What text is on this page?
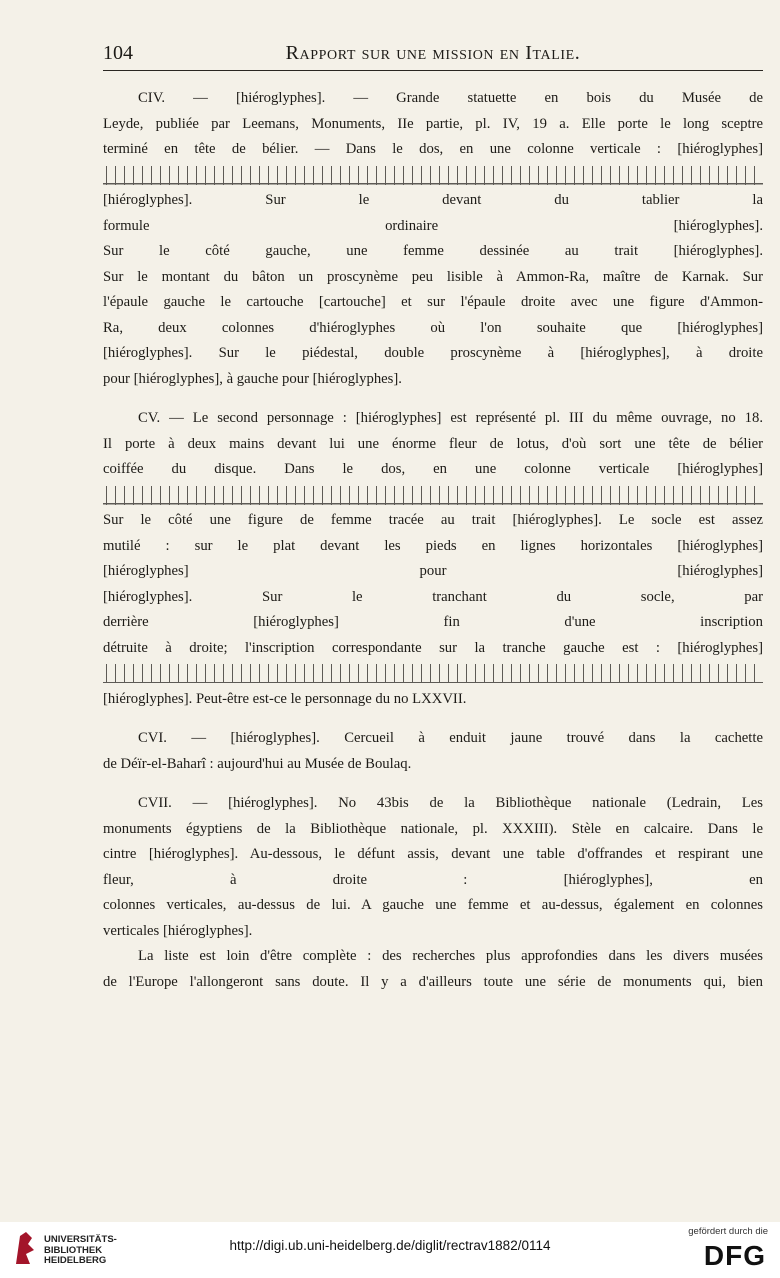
104	Rapport sur une mission en Italie.
CIV. — [hiéroglyphes]. — Grande statuette en bois du Musée de
Leyde, publiée par Leemans, Monuments, IIe partie, pl. IV, 19 a. Elle porte le long sceptre
terminé en tête de bélier. — Dans le dos, en une colonne verticale : [hiéroglyphes]
[hiéroglyphes]. Sur le devant du tablier la
formule ordinaire [hiéroglyphes].
Sur le côté gauche, une femme dessinée au trait [hiéroglyphes].
Sur le montant du bâton un proscynème peu lisible à Ammon-Ra, maître de Karnak. Sur
l'épaule gauche le cartouche [cartouche] et sur l'épaule droite avec une figure d'Ammon-
Ra, deux colonnes d'hiéroglyphes où l'on souhaite que [hiéroglyphes]
[hiéroglyphes]. Sur le piédestal, double proscynème à [hiéroglyphes], à droite
pour [hiéroglyphes], à gauche pour [hiéroglyphes].
CV. — Le second personnage : [hiéroglyphes] est représenté pl. III du même ouvrage, no 18.
Il porte à deux mains devant lui une énorme fleur de lotus, d'où sort une tête de bélier
coiffée du disque. Dans le dos, en une colonne verticale [hiéroglyphes]
Sur le côté une figure de femme tracée au trait [hiéroglyphes]. Le socle est assez
mutilé : sur le plat devant les pieds en lignes horizontales [hiéroglyphes]
[hiéroglyphes] pour [hiéroglyphes]
[hiéroglyphes]. Sur le tranchant du socle, par
derrière [hiéroglyphes] fin d'une inscription
détruite à droite; l'inscription correspondante sur la tranche gauche est : [hiéroglyphes]
[hiéroglyphes]. Peut-être est-ce le personnage du no LXXVII.
CVI. — [hiéroglyphes]. Cercueil à enduit jaune trouvé dans la cachette
de Déïr-el-Baharî : aujourd'hui au Musée de Boulaq.
CVII. — [hiéroglyphes]. No 43bis de la Bibliothèque nationale (Ledrain, Les
monuments égyptiens de la Bibliothèque nationale, pl. XXXIII). Stèle en calcaire. Dans le
cintre [hiéroglyphes]. Au-dessous, le défunt assis, devant une table d'offrandes et respirant une
fleur, à droite : [hiéroglyphes], en
colonnes verticales, au-dessus de lui. A gauche une femme et au-dessus, également en colonnes
verticales [hiéroglyphes].
La liste est loin d'être complète : des recherches plus approfondies dans les divers musées
de l'Europe l'allongeront sans doute. Il y a d'ailleurs toute une série de monuments qui, bien
UNIVERSITÄTS-
BIBLIOTHEK
HEIDELBERG
http://digi.ub.uni-heidelberg.de/diglit/rectrav1882/0114
gefördert durch die
DFG
